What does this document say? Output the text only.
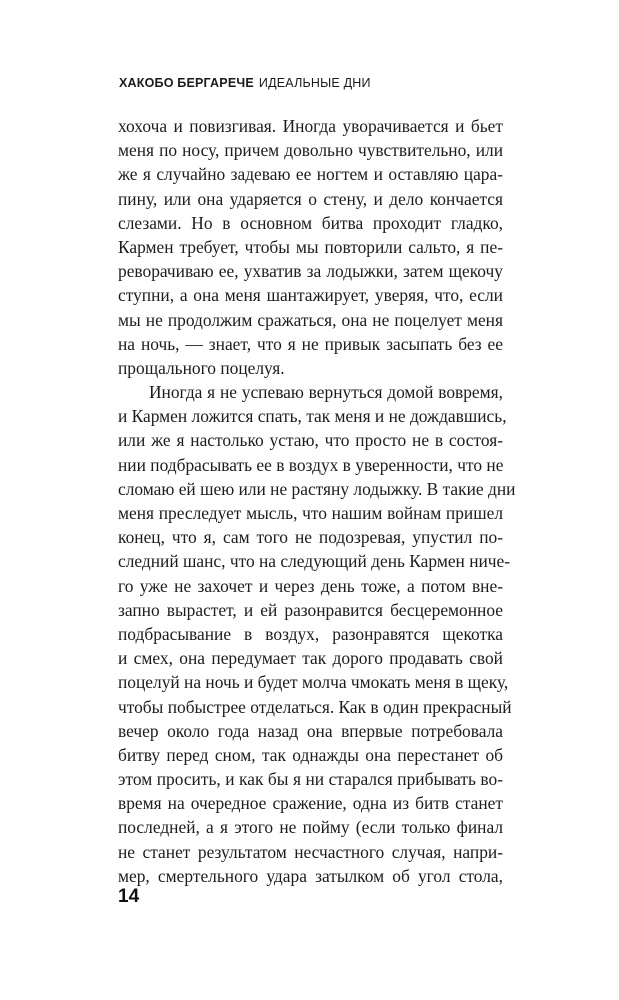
ХАКОБО БЕРГАРЕЧЕ ИДЕАЛЬНЫЕ ДНИ
хохоча и повизгивая. Иногда уворачивается и бьет
меня по носу, причем довольно чувствительно, или
же я случайно задеваю ее ногтем и оставляю цара-
пину, или она ударяется о стену, и дело кончается
слезами. Но в основном битва проходит гладко,
Кармен требует, чтобы мы повторили сальто, я пе-
реворачиваю ее, ухватив за лодыжки, затем щекочу
ступни, а она меня шантажирует, уверяя, что, если
мы не продолжим сражаться, она не поцелует меня
на ночь, — знает, что я не привык засыпать без ее
прощального поцелуя.
Иногда я не успеваю вернуться домой вовремя,
и Кармен ложится спать, так меня и не дождавшись,
или же я настолько устаю, что просто не в состоя-
нии подбрасывать ее в воздух в уверенности, что не
сломаю ей шею или не растяну лодыжку. В такие дни
меня преследует мысль, что нашим войнам пришел
конец, что я, сам того не подозревая, упустил по-
следний шанс, что на следующий день Кармен ниче-
го уже не захочет и через день тоже, а потом вне-
запно вырастет, и ей разонравится бесцеремонное
подбрасывание в воздух, разонравятся щекотка
и смех, она передумает так дорого продавать свой
поцелуй на ночь и будет молча чмокать меня в щеку,
чтобы побыстрее отделаться. Как в один прекрасный
вечер около года назад она впервые потребовала
битву перед сном, так однажды она перестанет об
этом просить, и как бы я ни старался прибывать во-
время на очередное сражение, одна из битв станет
последней, а я этого не пойму (если только финал
не станет результатом несчастного случая, напри-
мер, смертельного удара затылком об угол стола,
14
